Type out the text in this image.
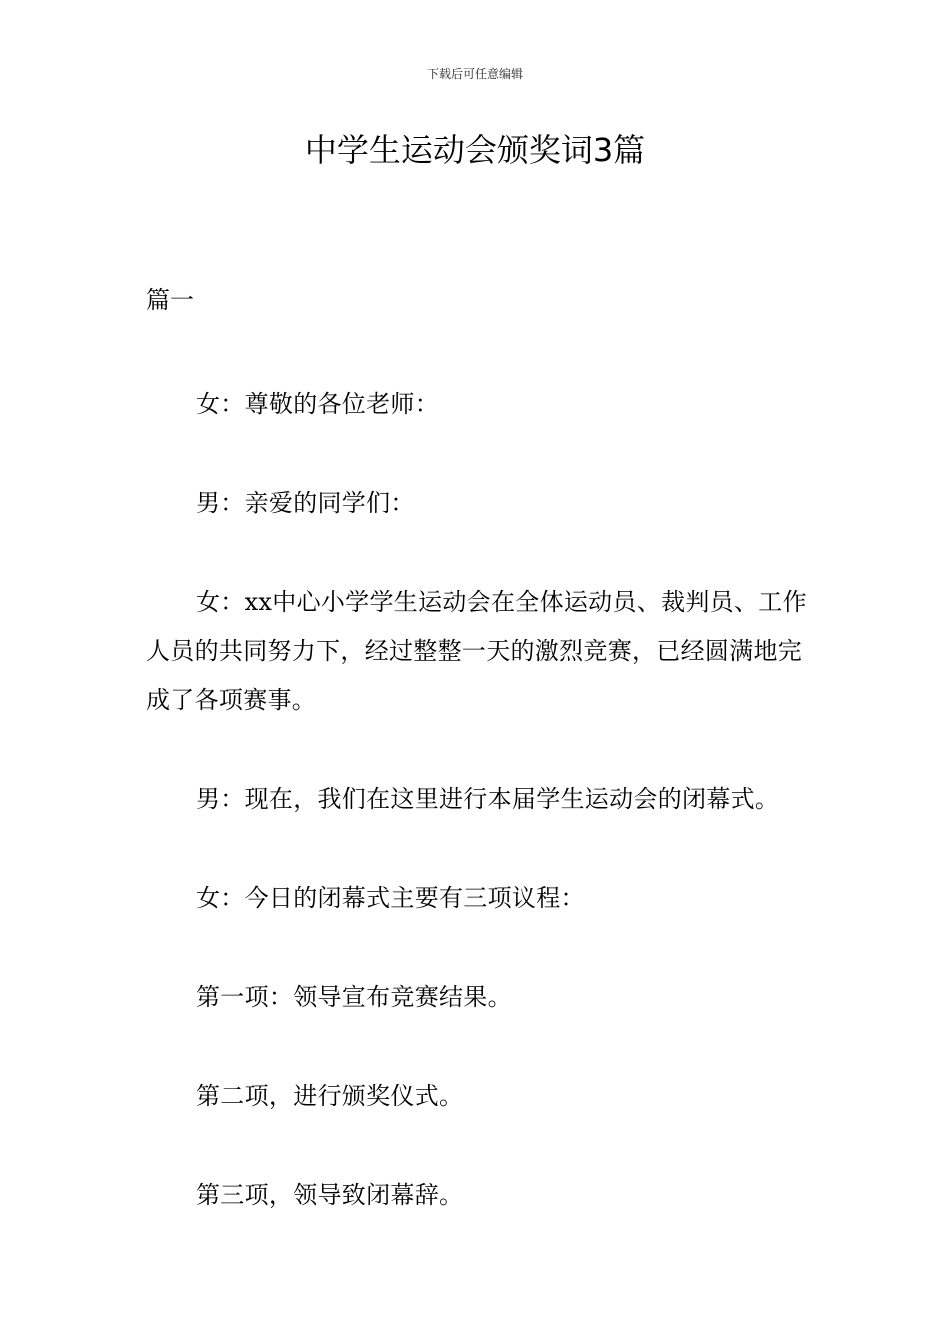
下载后可任意编辑
中学生运动会颁奖词3篇

篇一

女：尊敬的各位老师：

男：亲爱的同学们：

女：xx中心小学学生运动会在全体运动员、裁判员、工作人员的共同努力下，经过整整一天的激烈竞赛，已经圆满地完成了各项赛事。

男：现在，我们在这里进行本届学生运动会的闭幕式。

女：今日的闭幕式主要有三项议程：

第一项：领导宣布竞赛结果。

第二项，进行颁奖仪式。

第三项，领导致闭幕辞。
